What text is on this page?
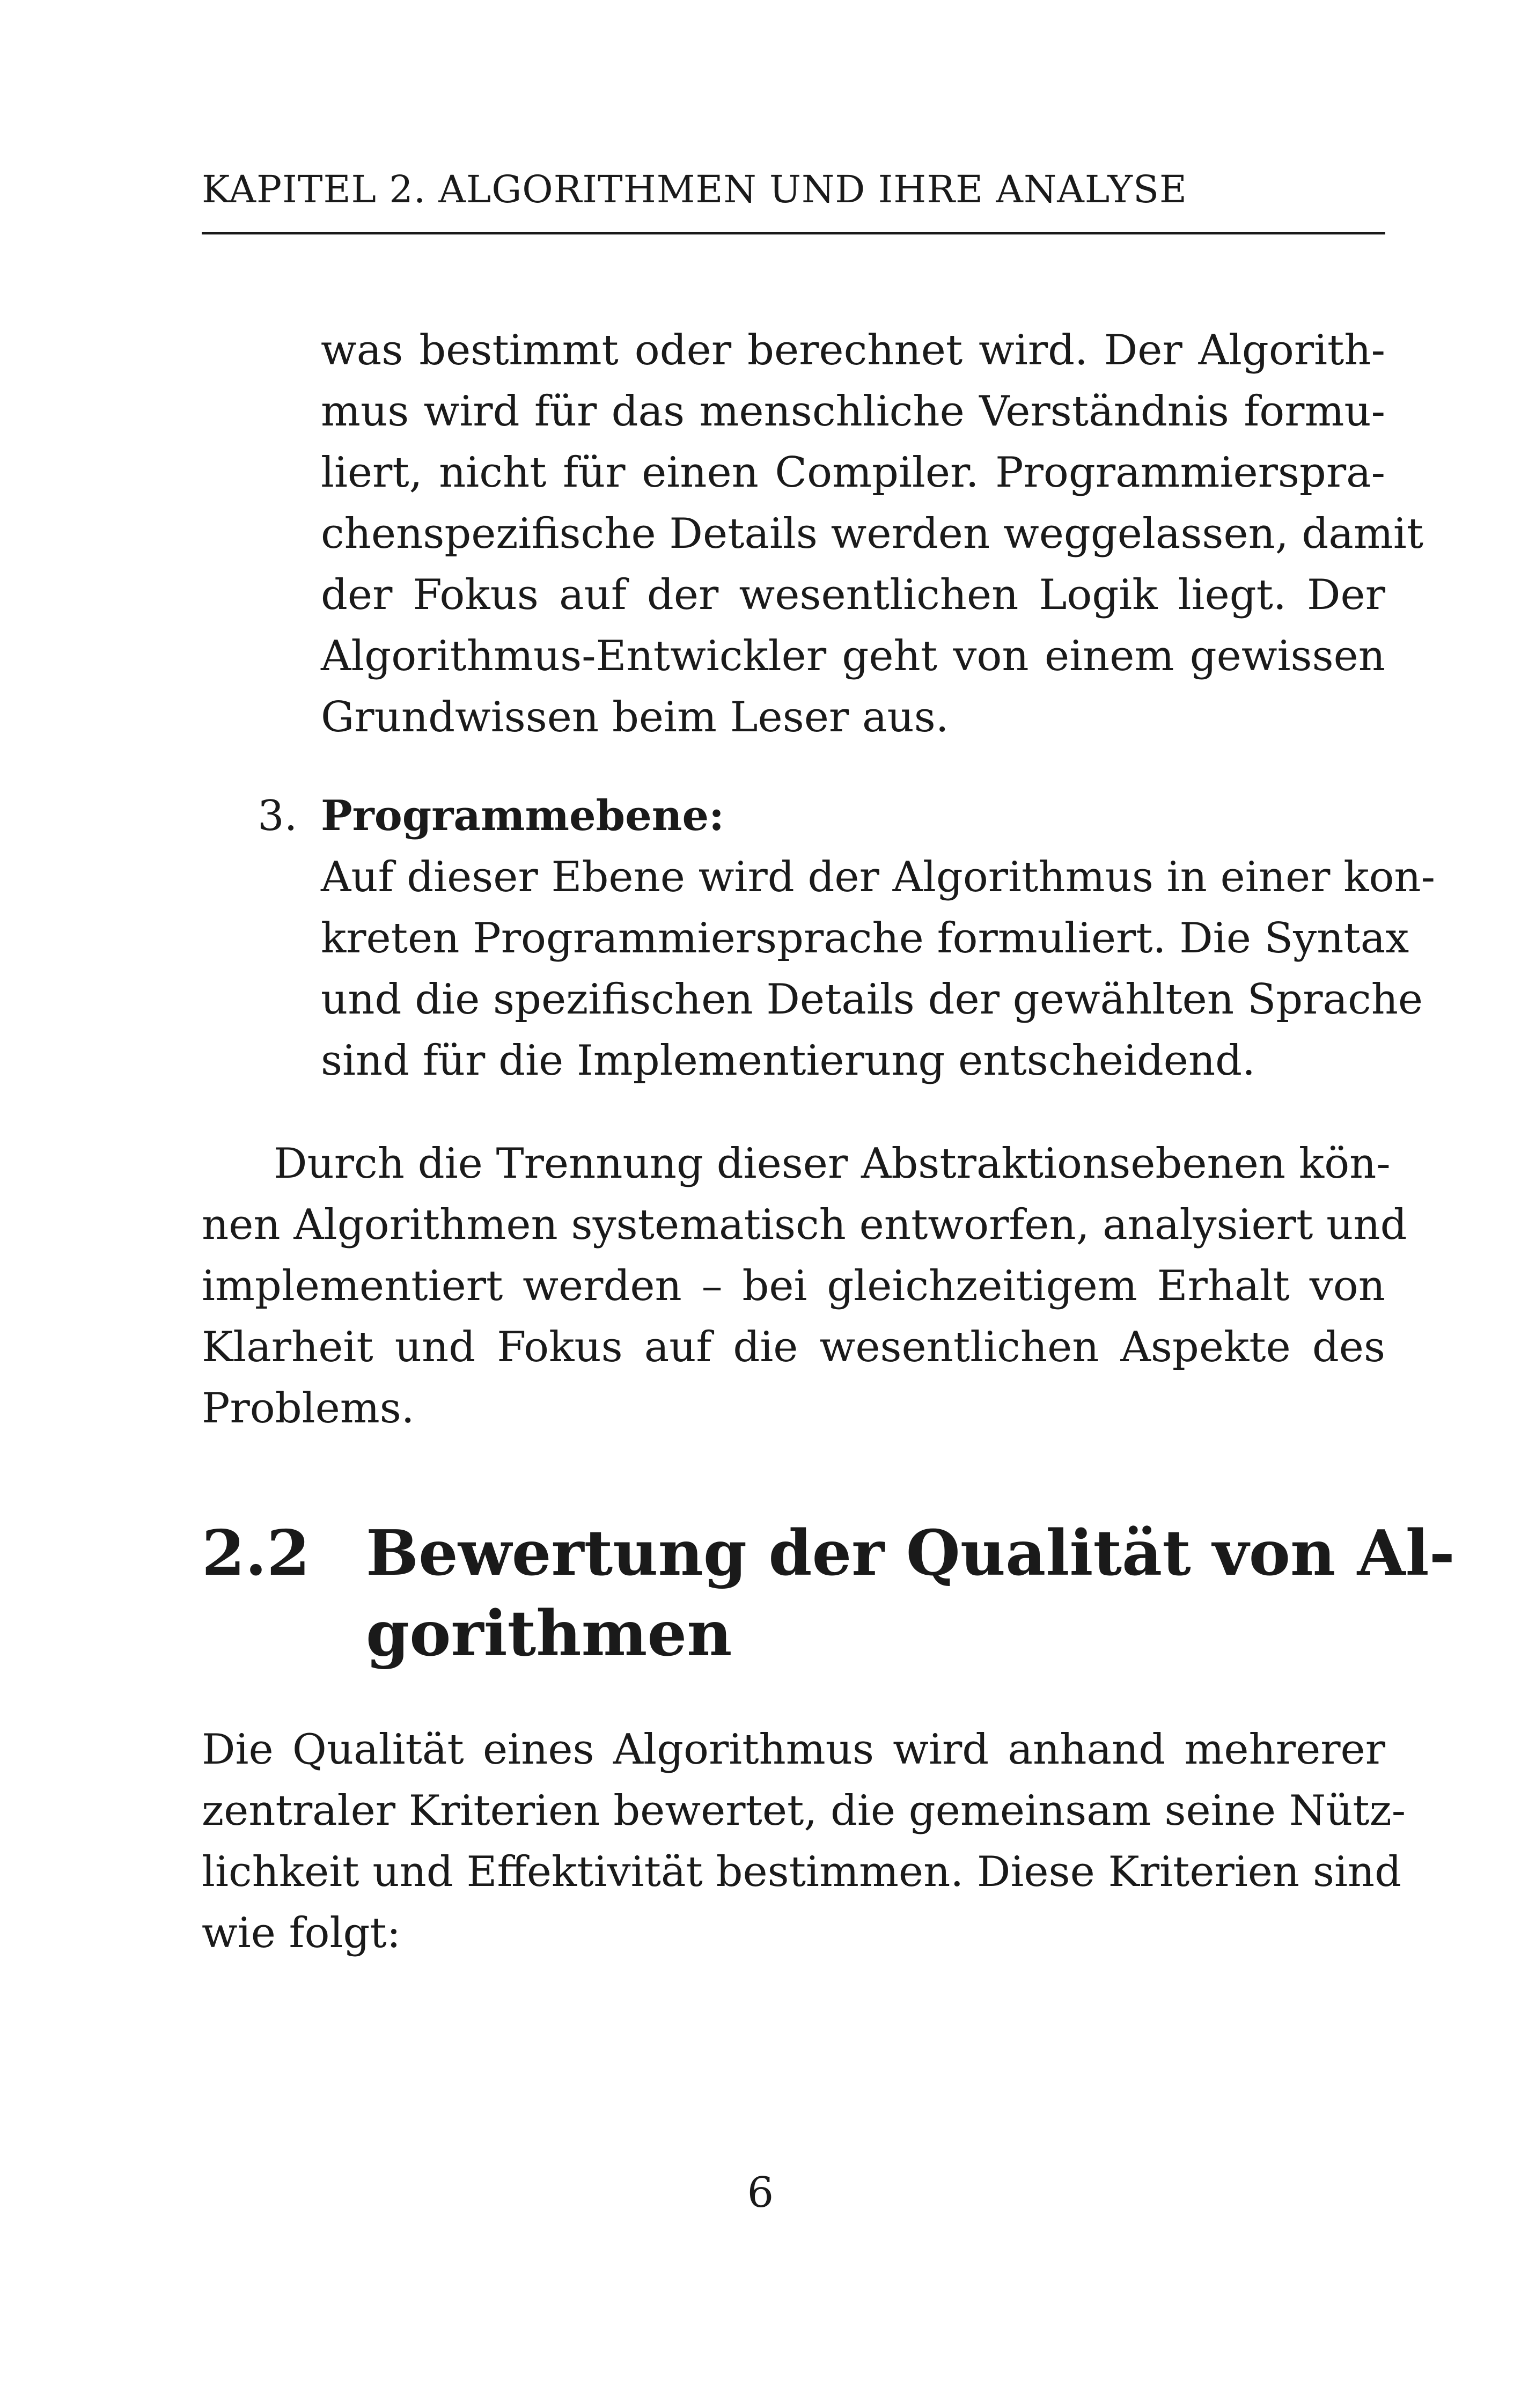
KAPITEL 2. ALGORITHMEN UND IHRE ANALYSE
was bestimmt oder berechnet wird. Der Algorith-
mus wird für das menschliche Verständnis formu-
liert, nicht für einen Compiler. Programmierspra-
chenspezifische Details werden weggelassen, damit
der Fokus auf der wesentlichen Logik liegt. Der
Algorithmus-Entwickler geht von einem gewissen
Grundwissen beim Leser aus.
3. Programmebene:
Auf dieser Ebene wird der Algorithmus in einer kon-
kreten Programmiersprache formuliert. Die Syntax
und die spezifischen Details der gewählten Sprache
sind für die Implementierung entscheidend.
Durch die Trennung dieser Abstraktionsebenen kön-
nen Algorithmen systematisch entworfen, analysiert und
implementiert werden – bei gleichzeitigem Erhalt von
Klarheit und Fokus auf die wesentlichen Aspekte des
Problems.
2.2 Bewertung der Qualität von Al-
gorithmen
Die Qualität eines Algorithmus wird anhand mehrerer
zentraler Kriterien bewertet, die gemeinsam seine Nütz-
lichkeit und Effektivität bestimmen. Diese Kriterien sind
wie folgt:
6
